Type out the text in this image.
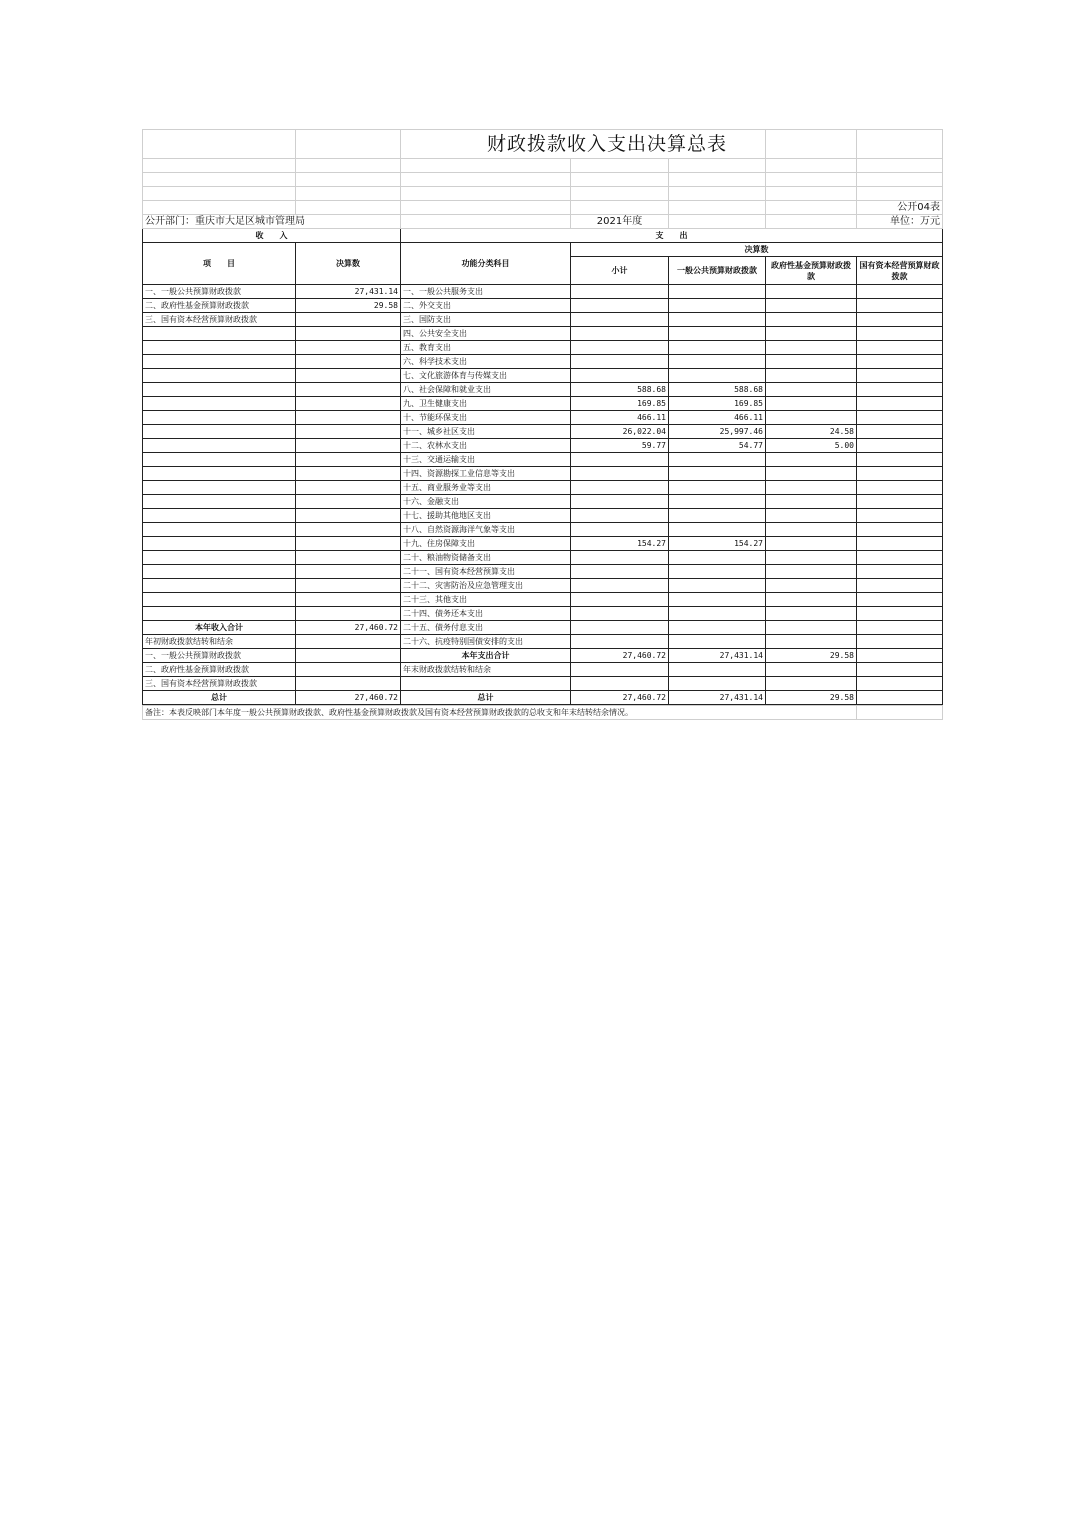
		财政拨款收入支出决算总表				

						公开04表
公开部门：重庆市大足区城市管理局			2021年度			单位：万元
收　　入		支　　出				
项　　目	决算数	功能分类科目	决算数			
			小计	一般公共预算财政拨款	政府性基金预算财政拨款	国有资本经营预算财政拨款
一、一般公共预算财政拨款	27,431.14	一、一般公共服务支出				
二、政府性基金预算财政拨款	29.58	二、外交支出				
三、国有资本经营预算财政拨款		三、国防支出				
		四、公共安全支出				
		五、教育支出				
		六、科学技术支出				
		七、文化旅游体育与传媒支出				
		八、社会保障和就业支出	588.68	588.68		
		九、卫生健康支出	169.85	169.85		
		十、节能环保支出	466.11	466.11		
		十一、城乡社区支出	26,022.04	25,997.46	24.58	
		十二、农林水支出	59.77	54.77	5.00	
		十三、交通运输支出				
		十四、资源勘探工业信息等支出				
		十五、商业服务业等支出				
		十六、金融支出				
		十七、援助其他地区支出				
		十八、自然资源海洋气象等支出				
		十九、住房保障支出	154.27	154.27		
		二十、粮油物资储备支出				
		二十一、国有资本经营预算支出				
		二十二、灾害防治及应急管理支出				
		二十三、其他支出				
		二十四、债务还本支出				
本年收入合计	27,460.72	二十五、债务付息支出				
年初财政拨款结转和结余		二十六、抗疫特别国债安排的支出				
一、一般公共预算财政拨款		本年支出合计	27,460.72	27,431.14	29.58	
二、政府性基金预算财政拨款		年末财政拨款结转和结余				
三、国有资本经营预算财政拨款						
总计	27,460.72	总计	27,460.72	27,431.14	29.58	
备注：本表反映部门本年度一般公共预算财政拨款、政府性基金预算财政拨款及国有资本经营预算财政拨款的总收支和年末结转结余情况。	
